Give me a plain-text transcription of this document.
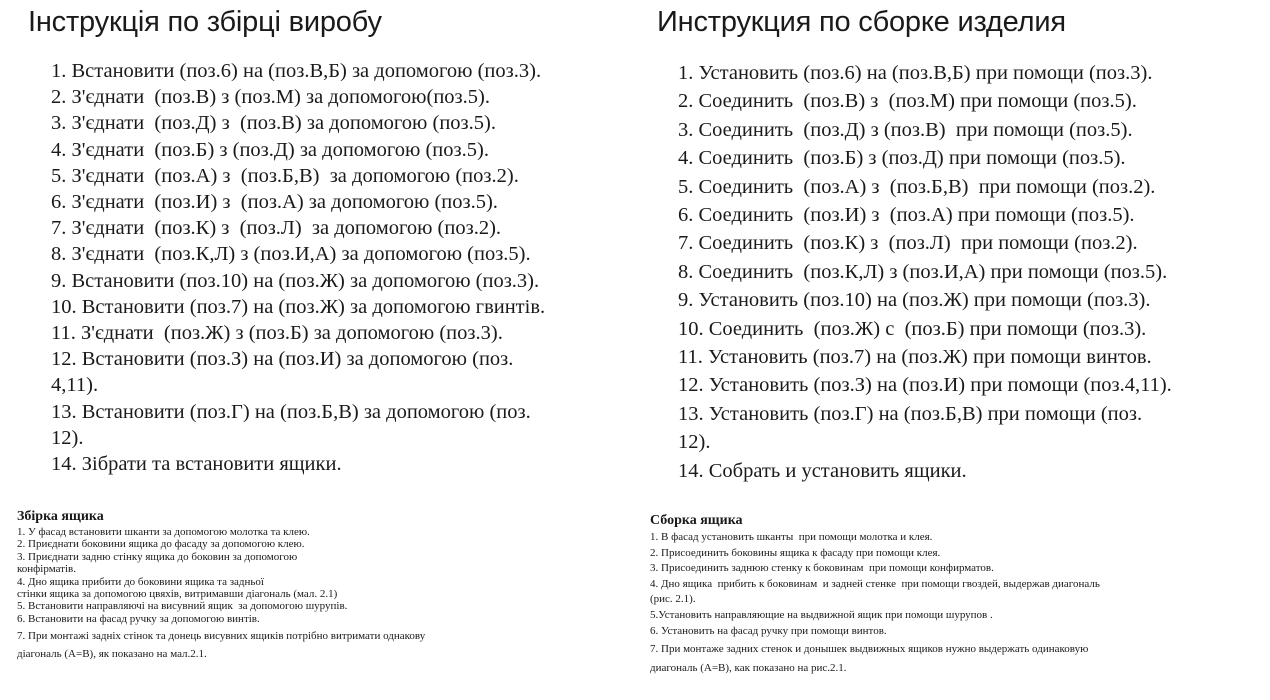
Інструкція по збірці виробу
1. Встановити (поз.6) на (поз.В,Б) за допомогою (поз.3).
2. З'єднати  (поз.В) з (поз.М) за допомогою(поз.5).
3. З'єднати  (поз.Д) з  (поз.В) за допомогою (поз.5).
4. З'єднати  (поз.Б) з (поз.Д) за допомогою (поз.5).
5. З'єднати  (поз.А) з  (поз.Б,В)  за допомогою (поз.2).
6. З'єднати  (поз.И) з  (поз.А) за допомогою (поз.5).
7. З'єднати  (поз.К) з  (поз.Л)  за допомогою (поз.2).
8. З'єднати  (поз.К,Л) з (поз.И,А) за допомогою (поз.5).
9. Встановити (поз.10) на (поз.Ж) за допомогою (поз.3).
10. Встановити (поз.7) на (поз.Ж) за допомогою гвинтів.
11. З'єднати  (поз.Ж) з (поз.Б) за допомогою (поз.3).
12. Встановити (поз.З) на (поз.И) за допомогою (поз.
4,11).
13. Встановити (поз.Г) на (поз.Б,В) за допомогою (поз.
12).
14. Зібрати та встановити ящики.
Збірка ящика
1. У фасад встановити шканти за допомогою молотка та клею.
2. Приєднати боковини ящика до фасаду за допомогою клею.
3. Приєднати задню стінку ящика до боковин за допомогою
конфірматів.
4. Дно ящика прибити до боковини ящика та задньої
стінки ящика за допомогою цвяхів, витримавши діагональ (мал. 2.1)
5. Встановити направляючі на висувний ящик  за допомогою шурупів.
6. Встановити на фасад ручку за допомогою винтів.
7. При монтажі задніх стінок та донець висувних ящиків потрібно витримати однакову
діагональ (А=В), як показано на мал.2.1.
Инструкция по сборке изделия
1. Установить (поз.6) на (поз.В,Б) при помощи (поз.3).
2. Соединить  (поз.В) з  (поз.М) при помощи (поз.5).
3. Соединить  (поз.Д) з (поз.В)  при помощи (поз.5).
4. Соединить  (поз.Б) з (поз.Д) при помощи (поз.5).
5. Соединить  (поз.А) з  (поз.Б,В)  при помощи (поз.2).
6. Соединить  (поз.И) з  (поз.А) при помощи (поз.5).
7. Соединить  (поз.К) з  (поз.Л)  при помощи (поз.2).
8. Соединить  (поз.К,Л) з (поз.И,А) при помощи (поз.5).
9. Установить (поз.10) на (поз.Ж) при помощи (поз.3).
10. Соединить  (поз.Ж) с  (поз.Б) при помощи (поз.3).
11. Установить (поз.7) на (поз.Ж) при помощи винтов.
12. Установить (поз.З) на (поз.И) при помощи (поз.4,11).
13. Установить (поз.Г) на (поз.Б,В) при помощи (поз.
12).
14. Собрать и установить ящики.
Сборка ящика
1. В фасад установить шканты  при помощи молотка и клея.
2. Присоединить боковины ящика к фасаду при помощи клея.
3. Присоединить заднюю стенку к боковинам  при помощи конфирматов.
4. Дно ящика  прибить к боковинам  и задней стенке  при помощи гвоздей, выдержав диагональ
(рис. 2.1).
5.Установить направляющие на выдвижной ящик при помощи шурупов .
6. Установить на фасад ручку при помощи винтов.
7. При монтаже задних стенок и донышек выдвижных ящиков нужно выдержать одинаковую
диагональ (А=В), как показано на рис.2.1.
